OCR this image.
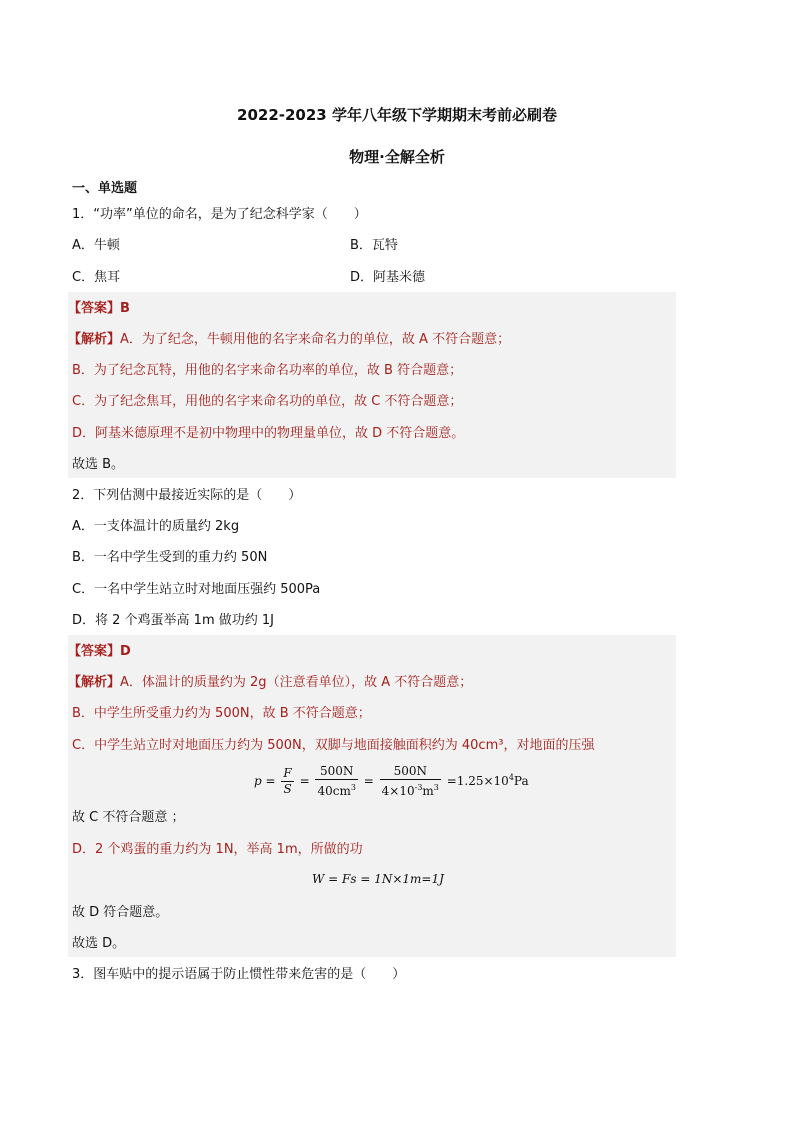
2022-2023 学年八年级下学期期末考前必刷卷
物理·全解全析
一、单选题
1．“功率”单位的命名，是为了纪念科学家（　　）
A．牛顿	B．瓦特
C．焦耳	D．阿基米德
【答案】B
【解析】A．为了纪念，牛顿用他的名字来命名力的单位，故 A 不符合题意；
B．为了纪念瓦特，用他的名字来命名功率的单位，故 B 符合题意；
C．为了纪念焦耳，用他的名字来命名功的单位，故 C 不符合题意；
D．阿基米德原理不是初中物理中的物理量单位，故 D 不符合题意。
故选 B。
2．下列估测中最接近实际的是（　　）
A．一支体温计的质量约 2kg
B．一名中学生受到的重力约 50N
C．一名中学生站立时对地面压强约 500Pa
D．将 2 个鸡蛋举高 1m 做功约 1J
【答案】D
【解析】A．体温计的质量约为 2g（注意看单位），故 A 不符合题意；
B．中学生所受重力约为 500N，故 B 不符合题意；
C．中学生站立时对地面压力约为 500N，双脚与地面接触面积约为 40cm³，对地面的压强
$p = \frac{F}{S} = \frac{500N}{40cm^3} = \frac{500N}{4\times 10^{-3}m^3} =1.25\times 10^4Pa$
故 C 不符合题意 ；
D．2 个鸡蛋的重力约为 1N，举高 1m，所做的功
W = Fs = 1N×1m=1J
故 D 符合题意。
故选 D。
3．图车贴中的提示语属于防止惯性带来危害的是（　　）
